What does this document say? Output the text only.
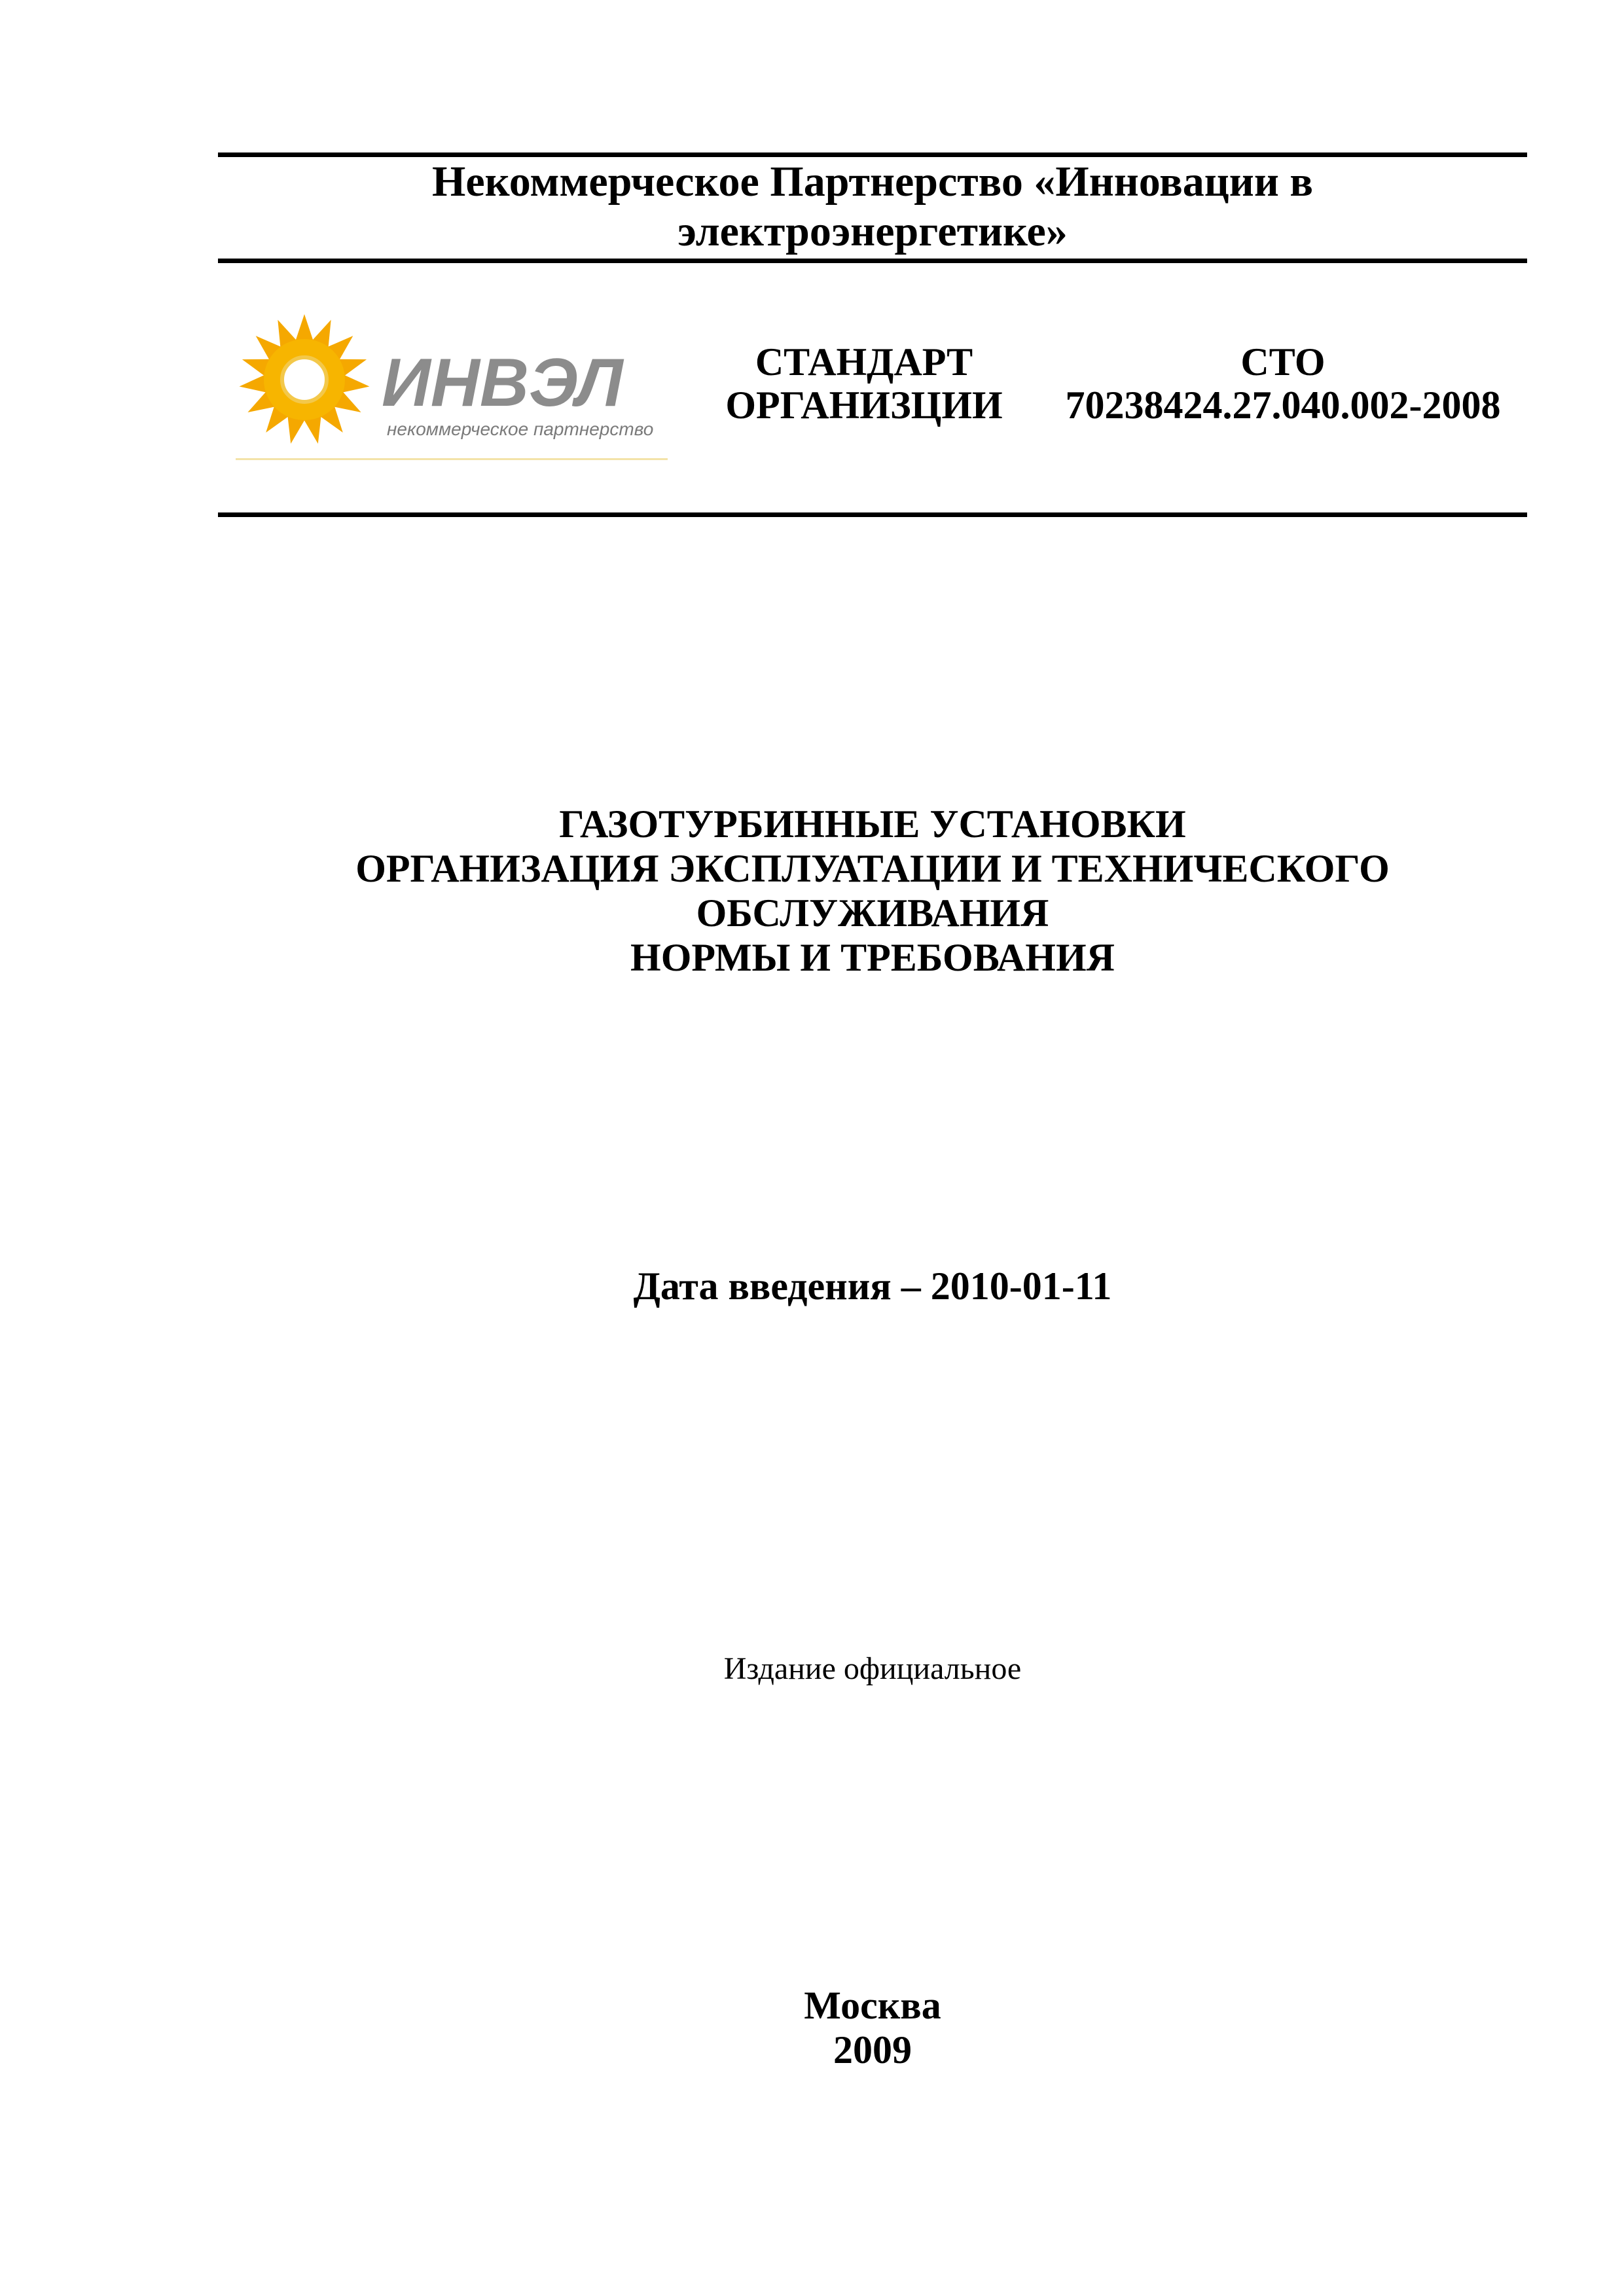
Некоммерческое Партнерство «Инновации в
электроэнергетике»
ИНВЭЛ
некоммерческое партнерство
СТАНДАРТ
ОРГАНИЗЦИИ
СТО
70238424.27.040.002-2008
ГАЗОТУРБИННЫЕ УСТАНОВКИ
ОРГАНИЗАЦИЯ ЭКСПЛУАТАЦИИ И ТЕХНИЧЕСКОГО
ОБСЛУЖИВАНИЯ
НОРМЫ И ТРЕБОВАНИЯ
Дата введения – 2010-01-11
Издание официальное
Москва
2009
